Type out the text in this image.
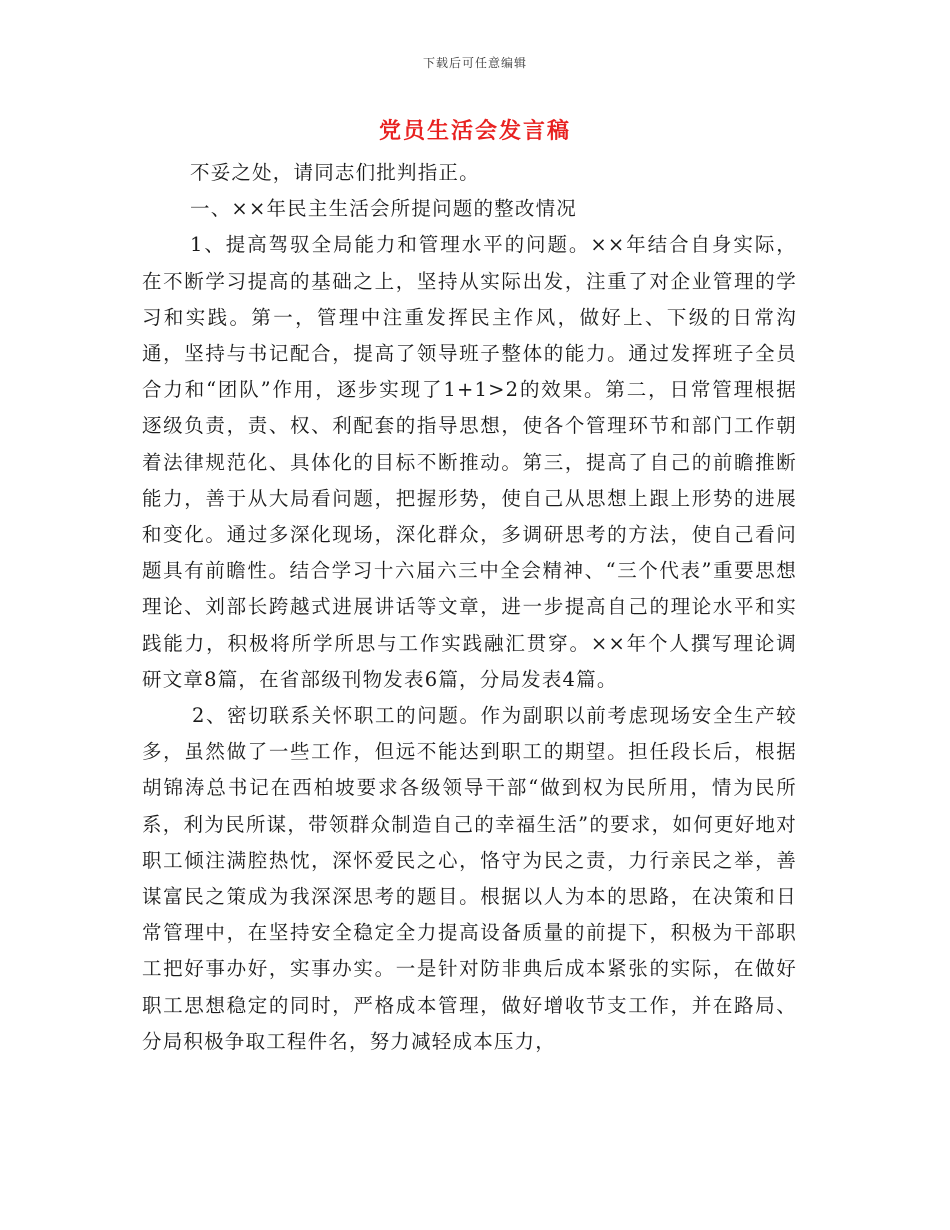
下载后可任意编辑
党员生活会发言稿

不妥之处，请同志们批判指正。

一、××年民主生活会所提问题的整改情况

1、提高驾驭全局能力和管理水平的问题。××年结合自身实际，在不断学习提高的基础之上，坚持从实际出发，注重了对企业管理的学习和实践。第一，管理中注重发挥民主作风，做好上、下级的日常沟通，坚持与书记配合，提高了领导班子整体的能力。通过发挥班子全员合力和“团队”作用，逐步实现了1+1>2的效果。第二，日常管理根据逐级负责，责、权、利配套的指导思想，使各个管理环节和部门工作朝着法律规范化、具体化的目标不断推动。第三，提高了自己的前瞻推断能力，善于从大局看问题，把握形势，使自己从思想上跟上形势的进展和变化。通过多深化现场，深化群众，多调研思考的方法，使自己看问题具有前瞻性。结合学习十六届六三中全会精神、“三个代表”重要思想理论、刘部长跨越式进展讲话等文章，进一步提高自己的理论水平和实践能力，积极将所学所思与工作实践融汇贯穿。××年个人撰写理论调研文章8篇，在省部级刊物发表6篇，分局发表4篇。

2、密切联系关怀职工的问题。作为副职以前考虑现场安全生产较多，虽然做了一些工作，但远不能达到职工的期望。担任段长后，根据胡锦涛总书记在西柏坡要求各级领导干部“做到权为民所用，情为民所系，利为民所谋，带领群众制造自己的幸福生活”的要求，如何更好地对职工倾注满腔热忱，深怀爱民之心，恪守为民之责，力行亲民之举，善谋富民之策成为我深深思考的题目。根据以人为本的思路，在决策和日常管理中，在坚持安全稳定全力提高设备质量的前提下，积极为干部职工把好事办好，实事办实。一是针对防非典后成本紧张的实际，在做好职工思想稳定的同时，严格成本管理，做好增收节支工作，并在路局、分局积极争取工程件名，努力减轻成本压力，
